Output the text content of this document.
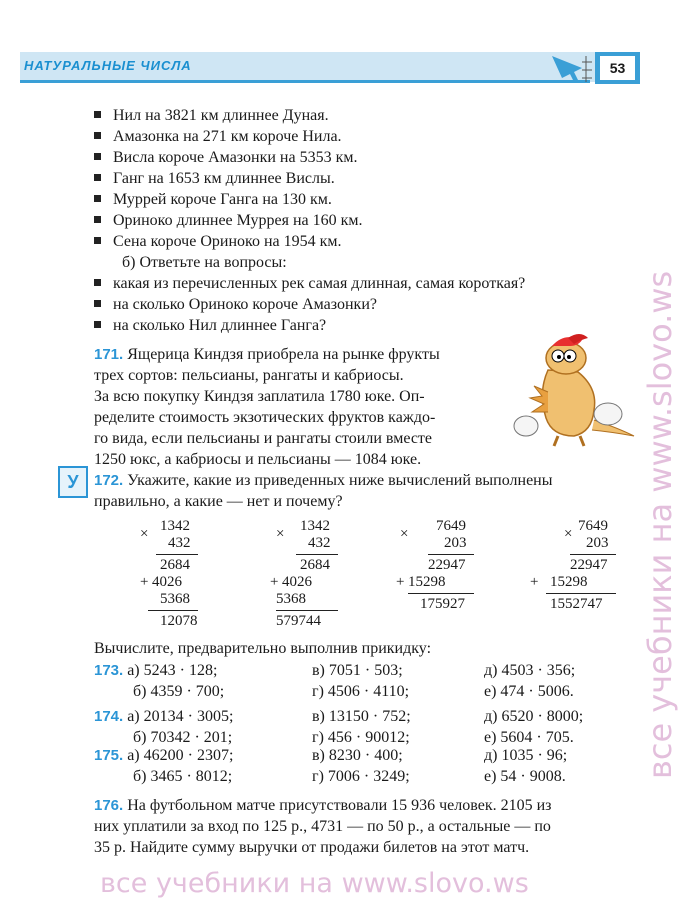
НАТУРАЛЬНЫЕ ЧИСЛА	53
Нил на 3821 км длиннее Дуная.
Амазонка на 271 км короче Нила.
Висла короче Амазонки на 5353 км.
Ганг на 1653 км длиннее Вислы.
Муррей короче Ганга на 130 км.
Ориноко длиннее Муррея на 160 км.
Сена короче Ориноко на 1954 км.
б) Ответьте на вопросы:
какая из перечисленных рек самая длинная, самая короткая?
на сколько Ориноко короче Амазонки?
на сколько Нил длиннее Ганга?
171. Ящерица Киндзя приобрела на рынке фрукты
трех сортов: пельсианы, рангаты и кабриосы.
За всю покупку Киндзя заплатила 1780 юке. Оп-
ределите стоимость экзотических фруктов каждо-
го вида, если пельсианы и рангаты стоили вместе
1250 юкс, а кабриосы и пельсианы — 1084 юке.
У	172. Укажите, какие из приведенных ниже вычислений выполнены
правильно, а какие — нет и почему?
× 1342
432
2684
+ 4026
5368
12078
× 1342
432
2684
+ 4026
5368
579744
× 7649
203
22947
+ 15298
175927
× 7649
203
22947
+ 15298
1552747
Вычислите, предварительно выполнив прикидку:
173. а) 5243 · 128;	в) 7051 · 503;	д) 4503 · 356;
б) 4359 · 700;	г) 4506 · 4110;	е) 474 · 5006.
174. а) 20134 · 3005;	в) 13150 · 752;	д) 6520 · 8000;
б) 70342 · 201;	г) 456 · 90012;	е) 5604 · 705.
175. а) 46200 · 2307;	в) 8230 · 400;	д) 1035 · 96;
б) 3465 · 8012;	г) 7006 · 3249;	е) 54 · 9008.
176. На футбольном матче присутствовали 15 936 человек. 2105 из
них уплатили за вход по 125 р., 4731 — по 50 р., а остальные — по
35 р. Найдите сумму выручки от продажи билетов на этот матч.
все учебники на www.slovo.ws
все учебники на www.slovo.ws
